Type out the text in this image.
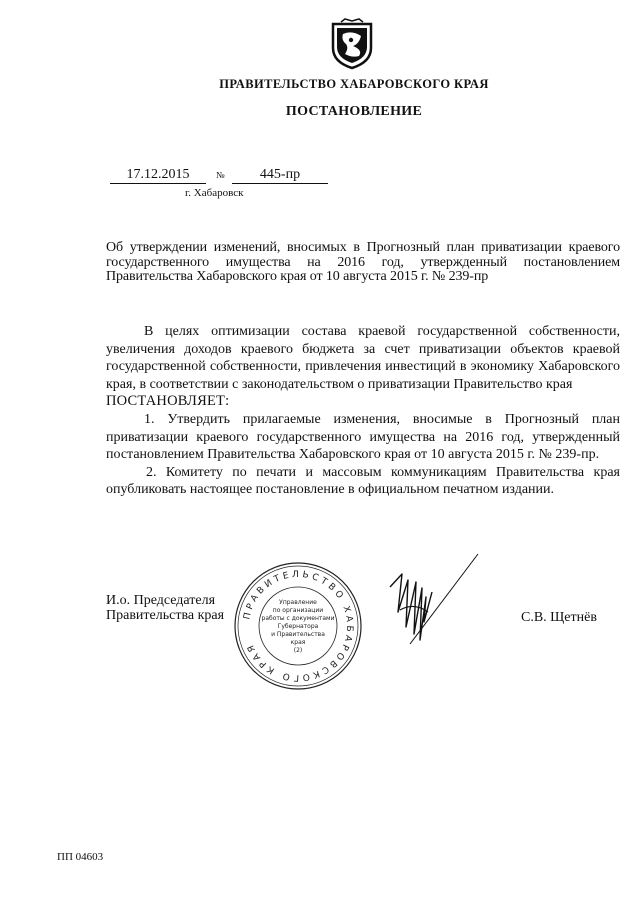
ПРАВИТЕЛЬСТВО ХАБАРОВСКОГО КРАЯ
ПОСТАНОВЛЕНИЕ
17.12.2015	№	445-пр
г. Хабаровск
Об утверждении изменений, вносимых в Прогнозный план приватизации краевого государственного имущества на 2016 год, утвержденный постановлением Правительства Хабаровского края от 10 августа 2015 г. № 239-пр

В целях оптимизации состава краевой государственной собственности, увеличения доходов краевого бюджета за счет приватизации объектов краевой государственной собственности, привлечения инвестиций в экономику Хабаровского края, в соответствии с законодательством о приватизации Правительство края

ПОСТАНОВЛЯЕТ:

1. Утвердить прилагаемые изменения, вносимые в Прогнозный план приватизации краевого государственного имущества на 2016 год, утвержденный постановлением Правительства Хабаровского края от 10 августа 2015 г. № 239-пр.

2. Комитету по печати и массовым коммуникациям Правительства края опубликовать настоящее постановление в официальном печатном издании.

И.о. Председателя
Правительства края ПРАВИТЕЛЬСТВО ХАБАРОВСКОГО КРАЯ
Управление
по организации
работы с документами
Губернатора
и Правительства
края
(2)
С.В. Щетнёв
ПП 04603
